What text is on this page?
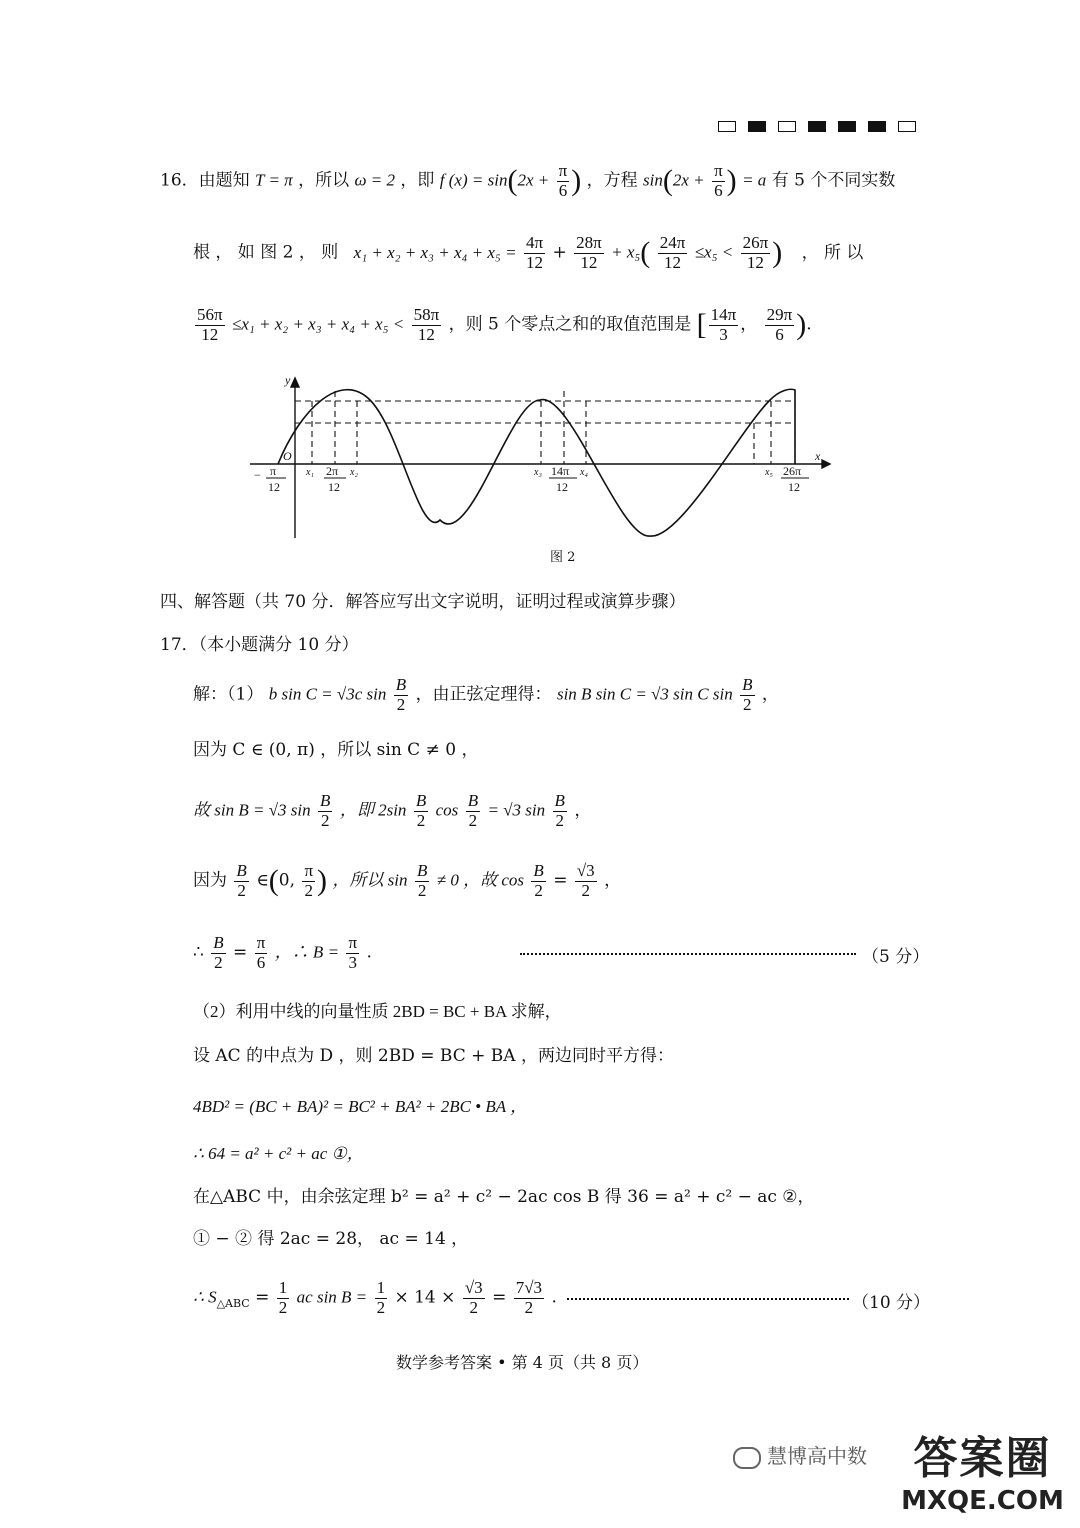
16．由题知 T = π ，所以 ω = 2 ，即 f $(x) = \sin(2x + \frac{\pi}{6}$ ) ，方程 $\sin(2x + \frac{\pi}{6}$ ) = a 有 5 个不同实数
根 ， 如 图 2 ， 则 $x_1 + x_2 + x_3 + x_4 + x_5 = \frac{4\pi}{12} + \frac{28\pi}{12} + x_5( \frac{24\pi}{12} \le x_5 < \frac{26\pi}{12}$ ) ， 所 以
$\frac{56\pi}{12} \le x_1 + x_2 + x_3 + x_4 + x_5 < \frac{58\pi}{12}$ ，则 5 个零点之和的取值范围是 [ $\frac{14\pi}{3}$ ， $\frac{29\pi}{6}$ ).
y
x
O
− π
12
x₁ 2π
12
x₂	x₃ 14π
12
x₄	x₅ 26π
12
图 2
四、解答题（共 70 分．解答应写出文字说明，证明过程或演算步骤）
17．（本小题满分 10 分）
解：（1） b sin C = √3c $\sin \frac{B}{2}$ ，由正弦定理得： sin B sin C = √3 sin C $\sin \frac{B}{2}$ ，
因为 C ∈ (0, π) ，所以 sin C ≠ 0 ，
故 sin B = √3 $\sin \frac{B}{2}$ ，即 $2\sin \frac{B}{2}$ $\cos \frac{B}{2} = √3$ $\sin \frac{B}{2}$ ，
因为 $\frac{B}{2}$ ∈(0, $\frac{\pi}{2}$ ) ，所以 $\sin \frac{B}{2} \ne 0$ ，故 $\cos \frac{B}{2} = \frac{√3}{2}$ ，
∴ $\frac{B}{2} = \frac{\pi}{6}$ ，∴ $B = \frac{\pi}{3}$ .	（5 分）
（2）利用中线的向量性质 2BD = BC + BA 求解，
设 AC 的中点为 D ，则 2BD = BC + BA ，两边同时平方得：
4BD² = (BC + BA)² = BC² + BA² + 2BC • BA ，
∴ 64 = a² + c² + ac ①，
在△ABC 中，由余弦定理 b² = a² + c² − 2ac cos B 得 36 = a² + c² − ac ②，
① − ② 得 2ac = 28， ac = 14 ，
∴ $S_{\triangle ABC} = \frac{1}{2}$ ac $\sin B = \frac{1}{2} \times 14 \times \frac{√3}{2} = \frac{7√3}{2}$ .	（10 分）
数学参考答案 • 第 4 页（共 8 页）
慧博高中数	答案圈
MXQE.COM
